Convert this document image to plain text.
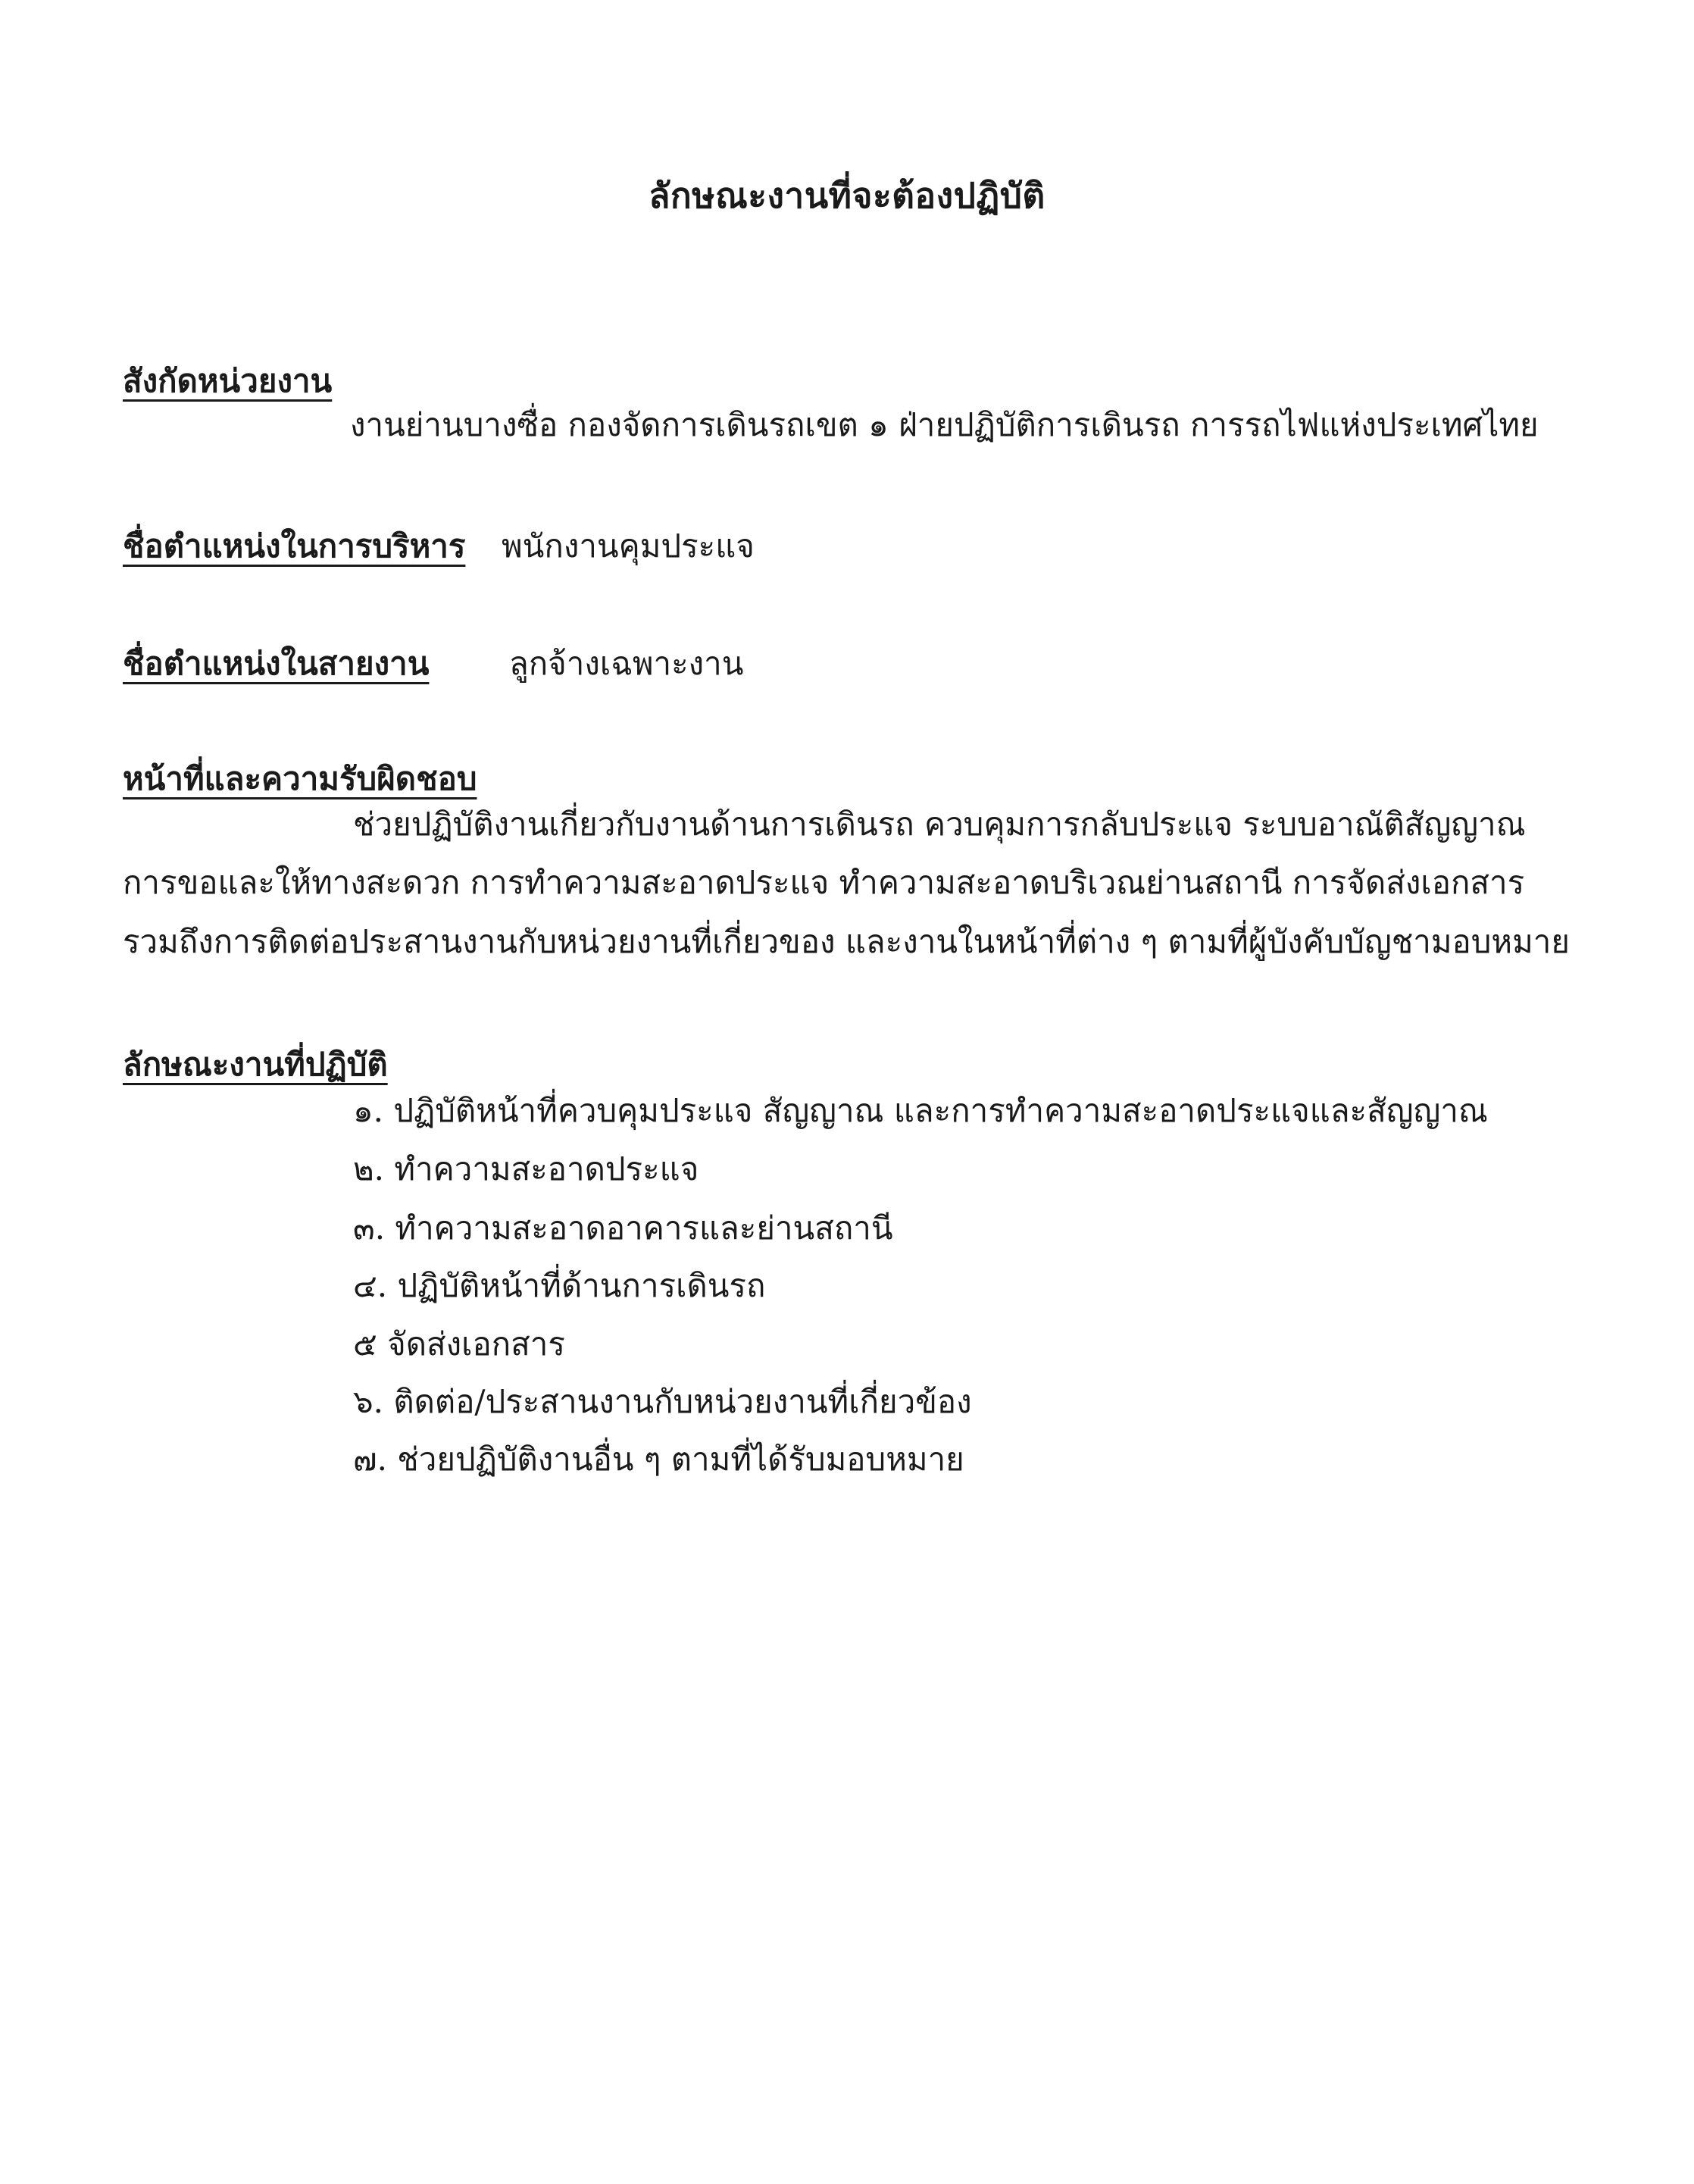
ลักษณะงานที่จะต้องปฏิบัติ
สังกัดหน่วยงาน
งานย่านบางซื่อ กองจัดการเดินรถเขต ๑ ฝ่ายปฏิบัติการเดินรถ การรถไฟแห่งประเทศไทย
ชื่อตำแหน่งในการบริหาร พนักงานคุมประแจ
ชื่อตำแหน่งในสายงาน	ลูกจ้างเฉพาะงาน
หน้าที่และความรับผิดชอบ
ช่วยปฏิบัติงานเกี่ยวกับงานด้านการเดินรถ ควบคุมการกลับประแจ ระบบอาณัติสัญญาณ
การขอและให้ทางสะดวก การทำความสะอาดประแจ ทำความสะอาดบริเวณย่านสถานี การจัดส่งเอกสาร
รวมถึงการติดต่อประสานงานกับหน่วยงานที่เกี่ยวของ และงานในหน้าที่ต่าง ๆ ตามที่ผู้บังคับบัญชามอบหมาย
ลักษณะงานที่ปฏิบัติ
๑. ปฏิบัติหน้าที่ควบคุมประแจ สัญญาณ และการทำความสะอาดประแจและสัญญาณ
๒. ทำความสะอาดประแจ
๓. ทำความสะอาดอาคารและย่านสถานี
๔. ปฏิบัติหน้าที่ด้านการเดินรถ
๕ จัดส่งเอกสาร
๖. ติดต่อ/ประสานงานกับหน่วยงานที่เกี่ยวข้อง
๗. ช่วยปฏิบัติงานอื่น ๆ ตามที่ได้รับมอบหมาย
